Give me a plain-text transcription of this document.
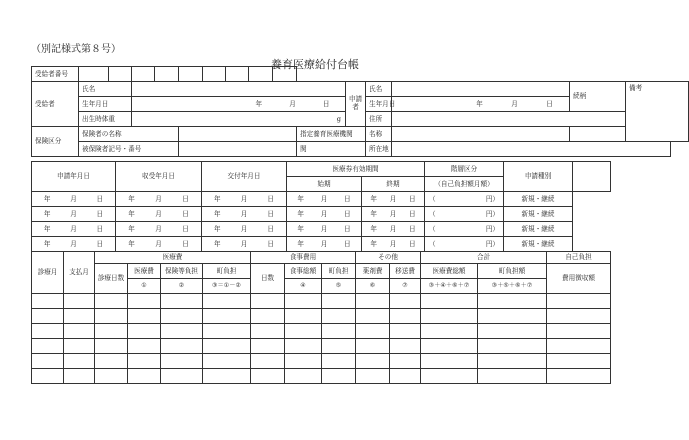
（別記様式第８号）
養育医療給付台帳
受給者番号															
受給者	氏名										申請者	氏名		続柄	備考
	生年月日		年 月 日									生年月日	年 月 日		

	出生時体重		g									住所			
保険区分	保険者の名称									指定養育医療機関		名称			
	被保険者記号・番号									関		所在地			
申請年月日	収受年月日	交付年月日	医療券有効期間		階層区分	申請種別	
			始期	終期	（自己負担額月額）		

年 月 日	年 月 日	年 月 日	年 月 日	年 月 日	（ 円）	新規・継続	

年 月 日	年 月 日	年 月 日	年 月 日	年 月 日	（ 円）	新規・継続	

年 月 日	年 月 日	年 月 日	年 月 日	年 月 日	（ 円）	新規・継続	

年 月 日	年 月 日	年 月 日	年 月 日	年 月 日	（ 円）	新規・継続	
診療月	支払月	医療費				食事費用			その他		合計		自己負担
		診療日数	医療費	保険等負担	町負担	日数	食事総額	町負担	薬剤費	移送費	医療費総額	町負担額	費用徴収額
			①	②	③＝①－②		④	⑤	⑥	⑦	③＋④＋⑥＋⑦	③＋⑤＋⑥＋⑦	
